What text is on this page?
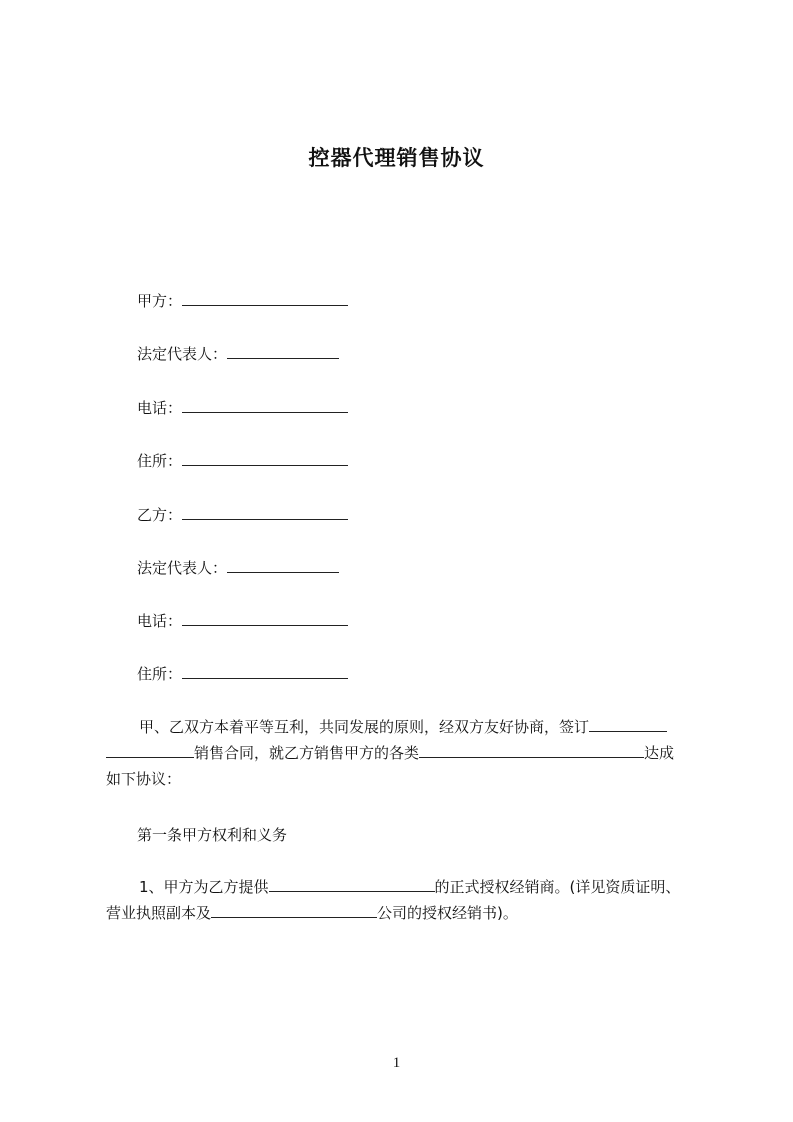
控器代理销售协议
甲方：
法定代表人：
电话：
住所：
乙方：
法定代表人：
电话：
住所：
甲、乙双方本着平等互利，共同发展的原则，经双方友好协商，签订
销售合同，就乙方销售甲方的各类	达成
如下协议：
第一条甲方权利和义务
1、甲方为乙方提供	的正式授权经销商。(详见资质证明、
营业执照副本及	公司的授权经销书)。
1
